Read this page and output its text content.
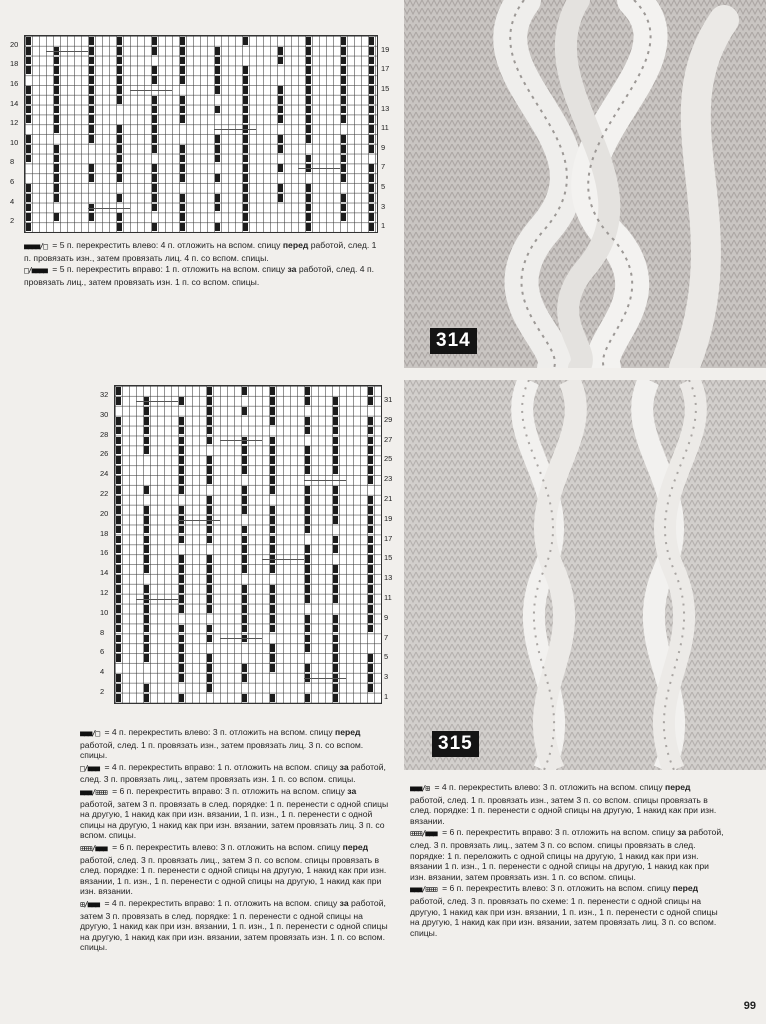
20
18
16
14
12
10
8
6
4
2
19
17
15
13
11
9
7
5
3
1

■■■■/□ = 5 п. перекрестить влево: 4 п. отложить на вспом. спицу перед работой, след. 1 п. провязать изн., затем провязать лиц. 4 п. со вспом. спицы.

□/■■■■ = 5 п. перекрестить вправо: 1 п. отложить на вспом. спицу за работой, след. 4 п. провязать лиц., затем провязать изн. 1 п. со вспом. спицы.

314
32
30
28
26
24
22
20
18
16
14
12
10
8
6
4
2
31
29
27
25
23
21
19
17
15
13
11
9
7
5
3
1

■■■/□ = 4 п. перекрестить влево: 3 п. отложить на вспом. спицу перед работой, след. 1 п. провязать изн., затем провязать лиц. 3 п. со вспом. спицы.

□/■■■ = 4 п. перекрестить вправо: 1 п. отложить на вспом. спицу за работой, след. 3 п. провязать лиц., затем провязать изн. 1 п. со вспом. спицы.

■■■/⊞⊞⊞ = 6 п. перекрестить вправо: 3 п. отложить на вспом. спицу за работой, затем 3 п. провязать в след. порядке: 1 п. перенести с одной спицы на другую, 1 накид как при изн. вязании, 1 п. изн., 1 п. перенести с одной спицы на другую, 1 накид как при изн. вязании, затем провязать лиц. 3 п. со вспом. спицы.

⊞⊞⊞/■■■ = 6 п. перекрестить влево: 3 п. отложить на вспом. спицу перед работой, след. 3 п. провязать лиц., затем 3 п. со вспом. спицы провязать в след. порядке: 1 п. перенести с одной спицы на другую, 1 накид как при изн. вязании, 1 п. изн., 1 п. перенести с одной спицы на другую, 1 накид как при изн. вязании.

⊞/■■■ = 4 п. перекрестить вправо: 1 п. отложить на вспом. спицу за работой, затем 3 п. провязать в след. порядке: 1 п. перенести с одной спицы на другую, 1 накид как при изн. вязании, 1 п. изн., 1 п. перенести с одной спицы на другую, 1 накид как при изн. вязании, затем провязать изн. 1 п. со вспом. спицы.

315

■■■/⊞ = 4 п. перекрестить влево: 3 п. отложить на вспом. спицу перед работой, след. 1 п. провязать изн., затем 3 п. со вспом. спицы провязать в след. порядке: 1 п. перенести с одной спицы на другую, 1 накид как при изн. вязании.

⊞⊞⊞/■■■ = 6 п. перекрестить вправо: 3 п. отложить на вспом. спицу за работой, след. 3 п. провязать лиц., затем 3 п. со вспом. спицы провязать в след. порядке: 1 п. переложить с одной спицы на другую, 1 накид как при изн. вязании 1 п. изн., 1 п. перенести с одной спицы на другую, 1 накид как при изн. вязании, затем провязать изн. 1 п. со вспом. спицы.

■■■/⊞⊞⊞ = 6 п. перекрестить влево: 3 п. отложить на вспом. спицу перед работой, след. 3 п. провязать по схеме: 1 п. перенести с одной спицы на другую, 1 накид как при изн. вязании, 1 п. изн., 1 п. перенести с одной спицы на другую, 1 накид как при изн. вязании, затем провязать лиц. 3 п. со вспом. спицы.

99
